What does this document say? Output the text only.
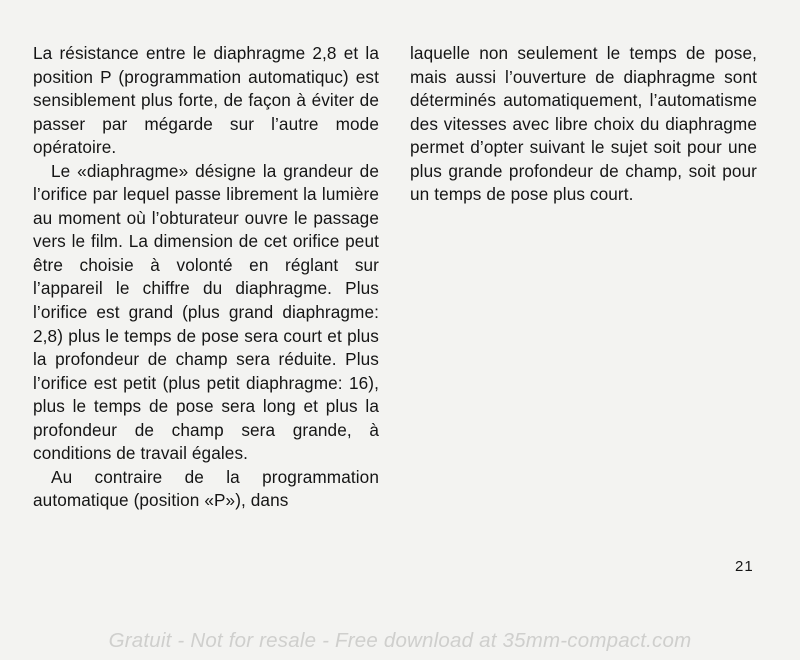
La résistance entre le diaphragme 2,8 et la position P (programmation automatiquc) est sensiblement plus forte, de façon à éviter de passer par mégarde sur l’autre mode opératoire.

Le «diaphragme» désigne la grandeur de l’orifice par lequel passe librement la lumière au moment où l’obturateur ouvre le passage vers le film. La dimension de cet orifice peut être choisie à volonté en réglant sur l’appareil le chiffre du diaphragme. Plus l’orifice est grand (plus grand diaphragme: 2,8) plus le temps de pose sera court et plus la profondeur de champ sera réduite. Plus l’orifice est petit (plus petit diaphragme: 16), plus le temps de pose sera long et plus la profondeur de champ sera grande, à conditions de travail égales.

Au contraire de la programmation automatique (position «P»), dans

laquelle non seulement le temps de pose, mais aussi l’ouverture de diaphragme sont déterminés automatiquement, l’automatisme des vitesses avec libre choix du diaphragme permet d’opter suivant le sujet soit pour une plus grande profondeur de champ, soit pour un temps de pose plus court.

21
Gratuit - Not for resale - Free download at 35mm-compact.com
